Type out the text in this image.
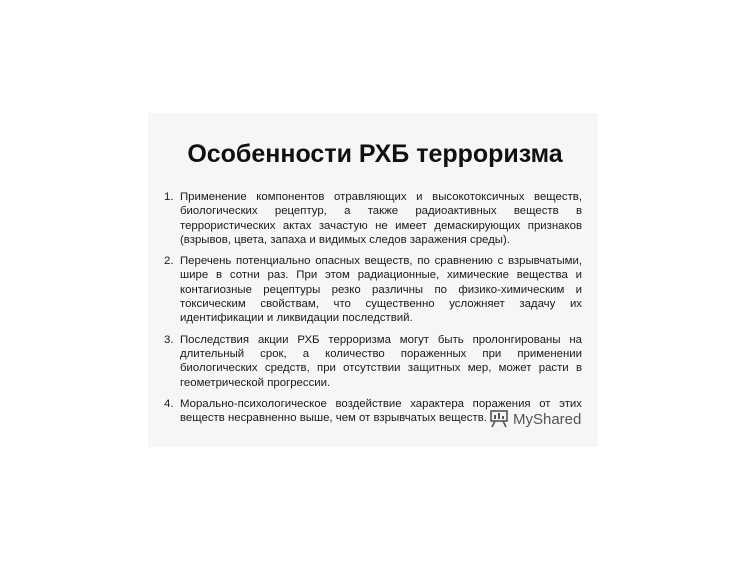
Особенности РХБ терроризма
1. Применение компонентов отравляющих и высокотоксичных веществ, биологических рецептур, а также радиоактивных веществ в террористических актах зачастую не имеет демаскирующих признаков (взрывов, цвета, запаха и видимых следов заражения среды).
2. Перечень потенциально опасных веществ, по сравнению с взрывчатыми, шире в сотни раз. При этом радиационные, химические вещества и контагиозные рецептуры резко различны по физико-химическим и токсическим свойствам, что существенно усложняет задачу их идентификации и ликвидации последствий.
3. Последствия акции РХБ терроризма могут быть пролонгированы на длительный срок, а количество пораженных при применении биологических средств, при отсутствии защитных мер, может расти в геометрической прогрессии.
4. Морально-психологическое воздействие характера поражения от этих веществ несравненно выше, чем от взрывчатых веществ.	MyShared
